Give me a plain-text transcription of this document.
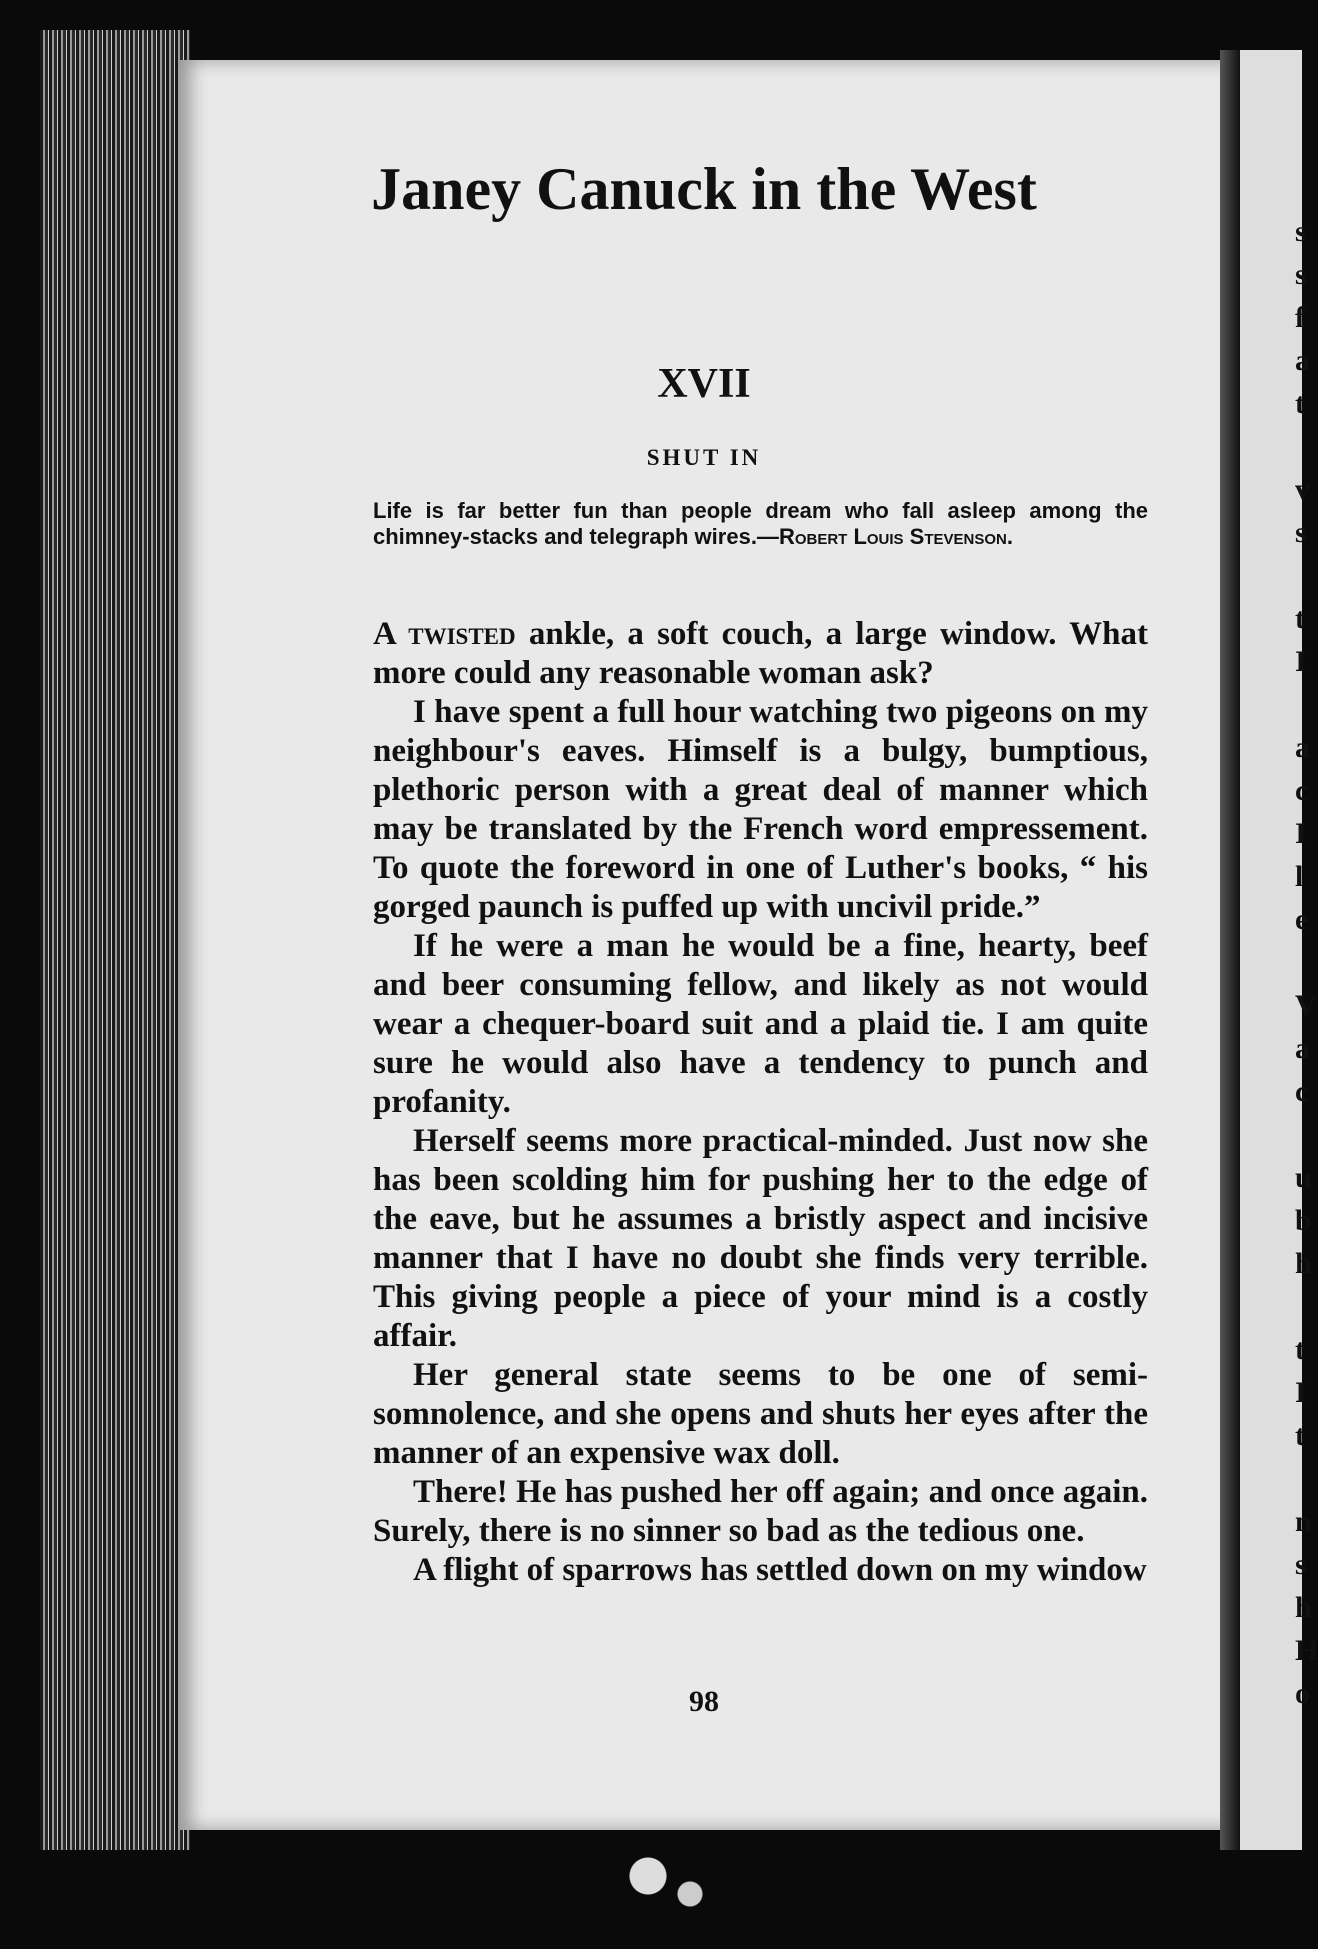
s
s
f
a
t
v
s
t
I
a
c
I
l
e
V
a
c
u
b
h
t
I
t
n
s
h
H
o
Janey Canuck in the West
XVII
SHUT IN
Life is far better fun than people dream who fall asleep among the chimney-stacks and telegraph wires.—Robert Louis Stevenson.

A twisted ankle, a soft couch, a large window. What more could any reasonable woman ask?

I have spent a full hour watching two pigeons on my neighbour's eaves. Himself is a bulgy, bumptious, plethoric person with a great deal of manner which may be translated by the French word empressement. To quote the foreword in one of Luther's books, “ his gorged paunch is puffed up with uncivil pride.”

If he were a man he would be a fine, hearty, beef and beer consuming fellow, and likely as not would wear a chequer-board suit and a plaid tie. I am quite sure he would also have a tendency to punch and profanity.

Herself seems more practical-minded. Just now she has been scolding him for pushing her to the edge of the eave, but he assumes a bristly aspect and incisive manner that I have no doubt she finds very terrible. This giving people a piece of your mind is a costly affair.

Her general state seems to be one of semi-somnolence, and she opens and shuts her eyes after the manner of an expensive wax doll.

There! He has pushed her off again; and once again. Surely, there is no sinner so bad as the tedious one.

A flight of sparrows has settled down on my window

98
